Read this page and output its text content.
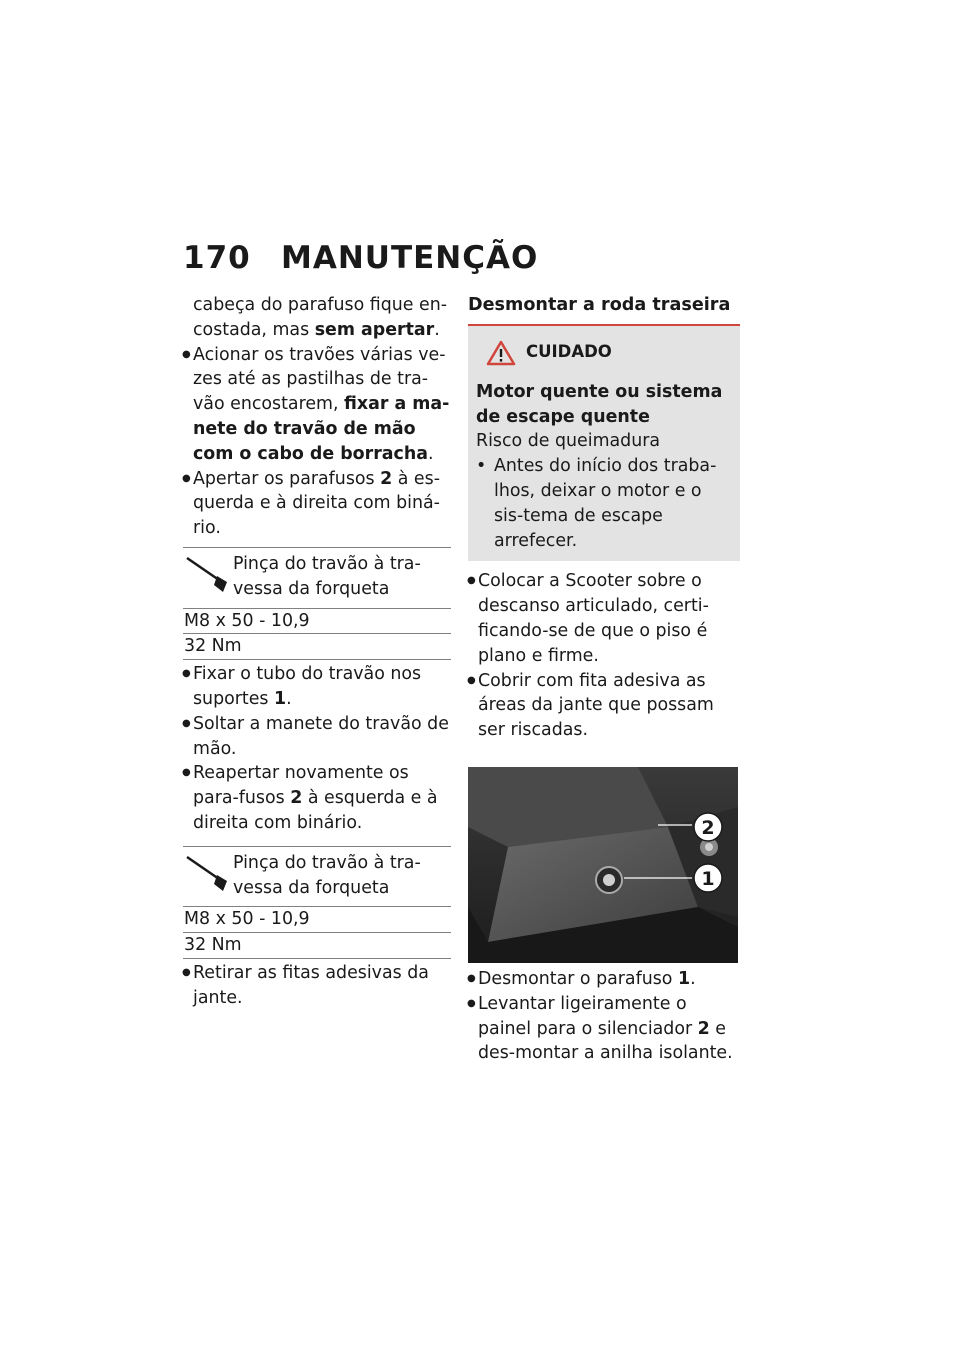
170 MANUTENÇÃO

cabeça do parafuso fique en-costada, mas sem apertar.

● Acionar os travões várias ve-zes até as pastilhas de tra-vão encostarem, fixar a ma-nete do travão de mão com o cabo de borracha.

● Apertar os parafusos 2 à es-querda e à direita com biná-rio.

Pinça do travão à tra-vessa da forqueta
M8 x 50 - 10,9
32 Nm

● Fixar o tubo do travão nos suportes 1.

● Soltar a manete do travão de mão.

● Reapertar novamente os para-fusos 2 à esquerda e à direita com binário.

Pinça do travão à tra-vessa da forqueta
M8 x 50 - 10,9
32 Nm

● Retirar as fitas adesivas da jante.

Desmontar a roda traseira

CUIDADO

Motor quente ou sistema de escape quente

Risco de queimadura

• Antes do início dos traba-lhos, deixar o motor e o sis-tema de escape arrefecer.

● Colocar a Scooter sobre o descanso articulado, certi-ficando-se de que o piso é plano e firme.

● Cobrir com fita adesiva as áreas da jante que possam ser riscadas.

2
1

● Desmontar o parafuso 1.

● Levantar ligeiramente o painel para o silenciador 2 e des-montar a anilha isolante.
